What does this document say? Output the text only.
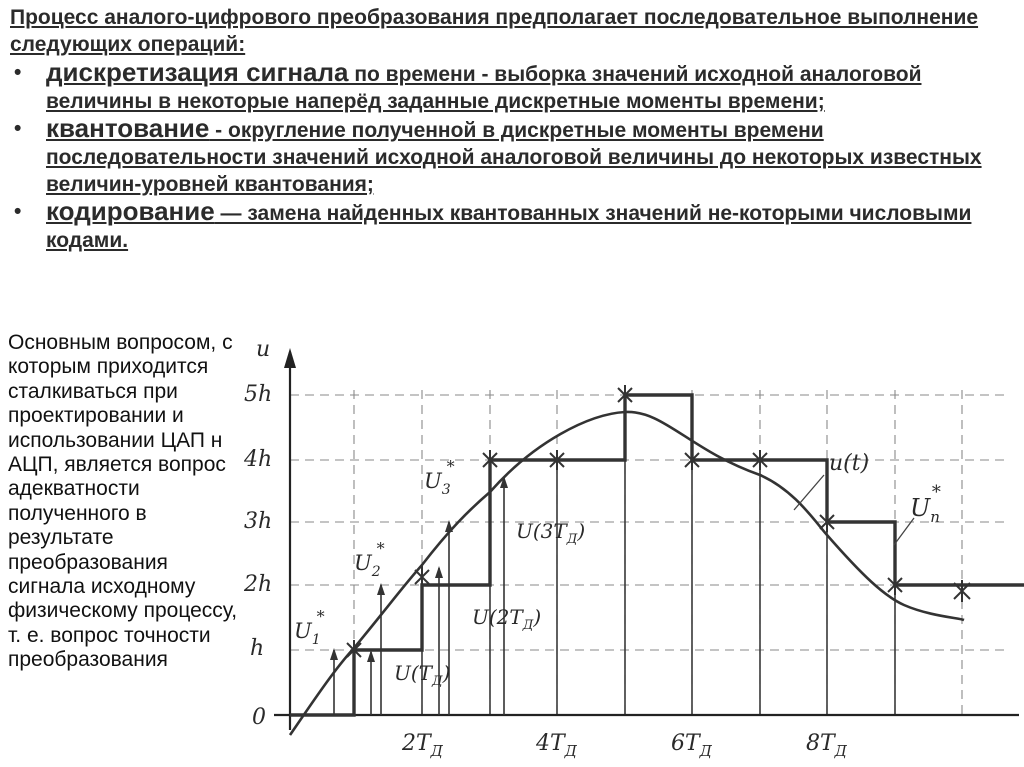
Процесс аналого-цифрового преобразования предполагает последовательное выполнение следующих операций:

• дискретизация сигнала по времени - выборка значений исходной аналоговой величины в некоторые наперёд заданные дискретные моменты времени;

• квантование - округление полученной в дискретные моменты времени последовательности значений исходной аналоговой величины до некоторых известных величин-уровней квантования;

• кодирование — замена найденных квантованных значений не-которыми числовыми кодами.

Основным вопросом, с которым приходится сталкиваться при проектировании и использовании ЦАП н АЦП, является вопрос адекватности полученного в результате преобразования сигнала исходному физическому процессу, т. е. вопрос точности преобразования
u
0
h
2h
3h
4h
5h
$2T_Д$	$4T_Д$	$6T_Д$	$8T_Д$
u(t)
$U_п*$
$U_1*$
$U_2*$
$U_3*$
$U(T_Д)$
$U(2T_Д)$
$U(3T_Д)$
